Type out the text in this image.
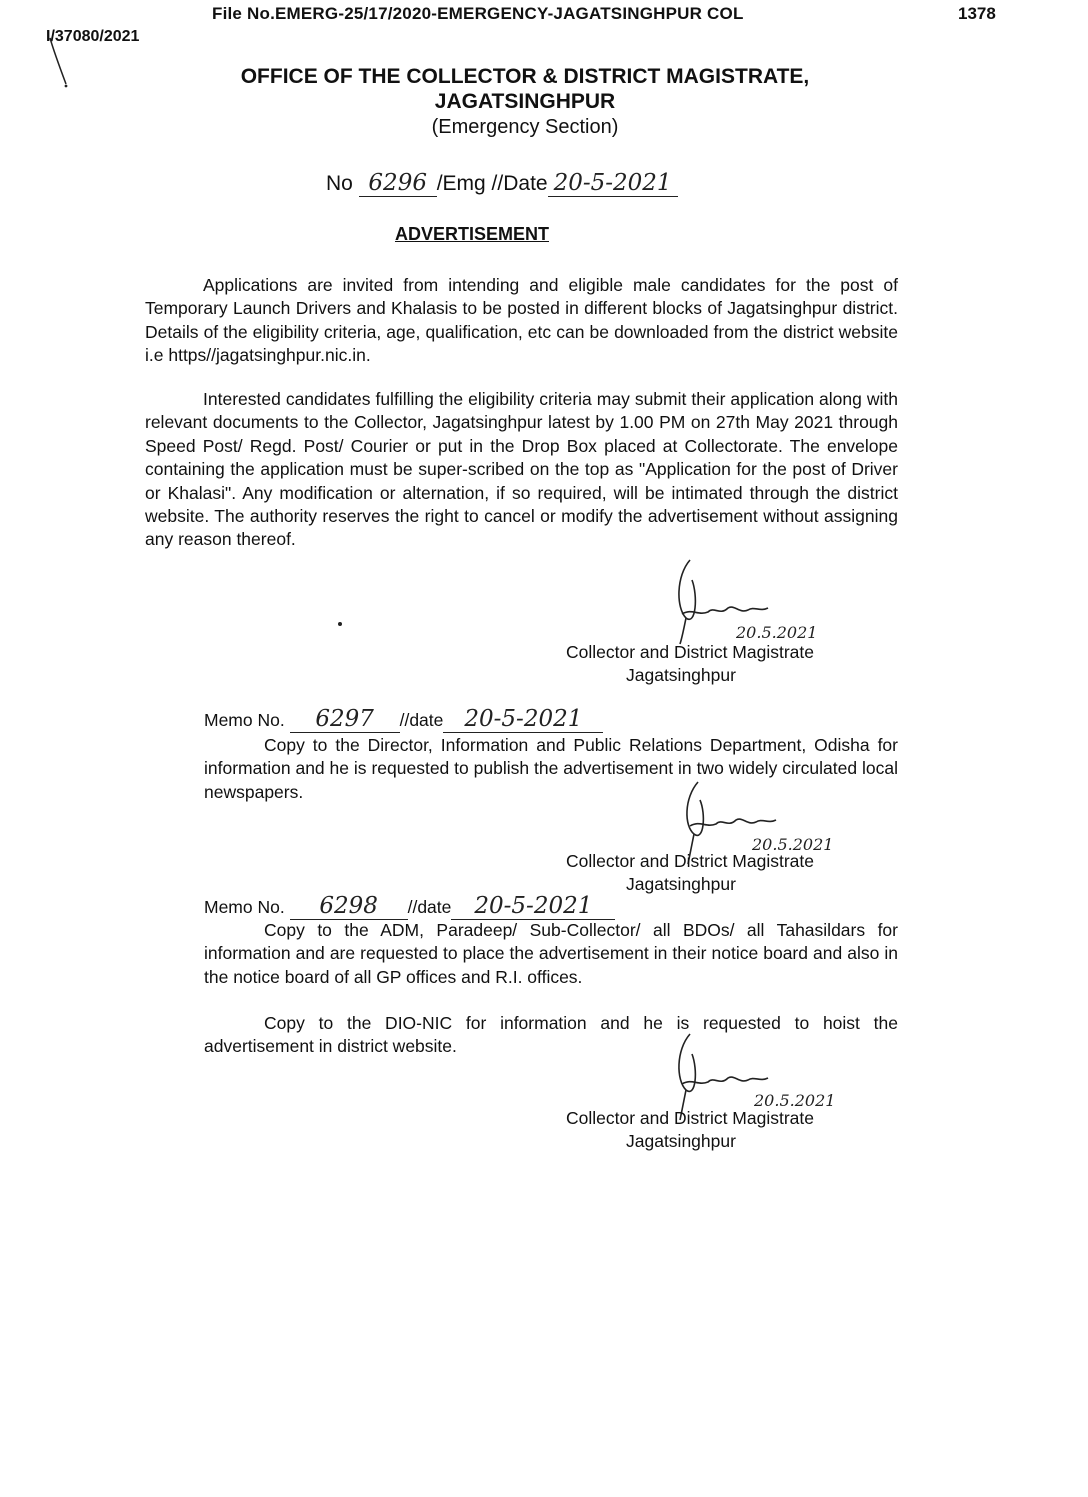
File No.EMERG-25/17/2020-EMERGENCY-JAGATSINGHPUR COL	1378
I/37080/2021
OFFICE OF THE COLLECTOR & DISTRICT MAGISTRATE,
JAGATSINGHPUR
(Emergency Section)
No 6296 /Emg //Date 20-5-2021
ADVERTISEMENT
Applications are invited from intending and eligible male candidates for the post of Temporary Launch Drivers and Khalasis to be posted in different blocks of Jagatsinghpur district. Details of the eligibility criteria, age, qualification, etc can be downloaded from the district website i.e https//jagatsinghpur.nic.in.
Interested candidates fulfilling the eligibility criteria may submit their application along with relevant documents to the Collector, Jagatsinghpur latest by 1.00 PM on 27th May 2021 through Speed Post/ Regd. Post/ Courier or put in the Drop Box placed at Collectorate. The envelope containing the application must be super-scribed on the top as "Application for the post of Driver or Khalasi". Any modification or alternation, if so required, will be intimated through the district website. The authority reserves the right to cancel or modify the advertisement without assigning any reason thereof.
20.5.2021
Collector and District Magistrate
Jagatsinghpur
Memo No. 6297 //date 20-5-2021
Copy to the Director, Information and Public Relations Department, Odisha for information and he is requested to publish the advertisement in two widely circulated local newspapers.
20.5.2021
Collector and District Magistrate
Jagatsinghpur
Memo No. 6298 //date 20-5-2021
Copy to the ADM, Paradeep/ Sub-Collector/ all BDOs/ all Tahasildars for information and are requested to place the advertisement in their notice board and also in the notice board of all GP offices and R.I. offices.
Copy to the DIO-NIC for information and he is requested to hoist the advertisement in district website.
20.5.2021
Collector and District Magistrate
Jagatsinghpur
